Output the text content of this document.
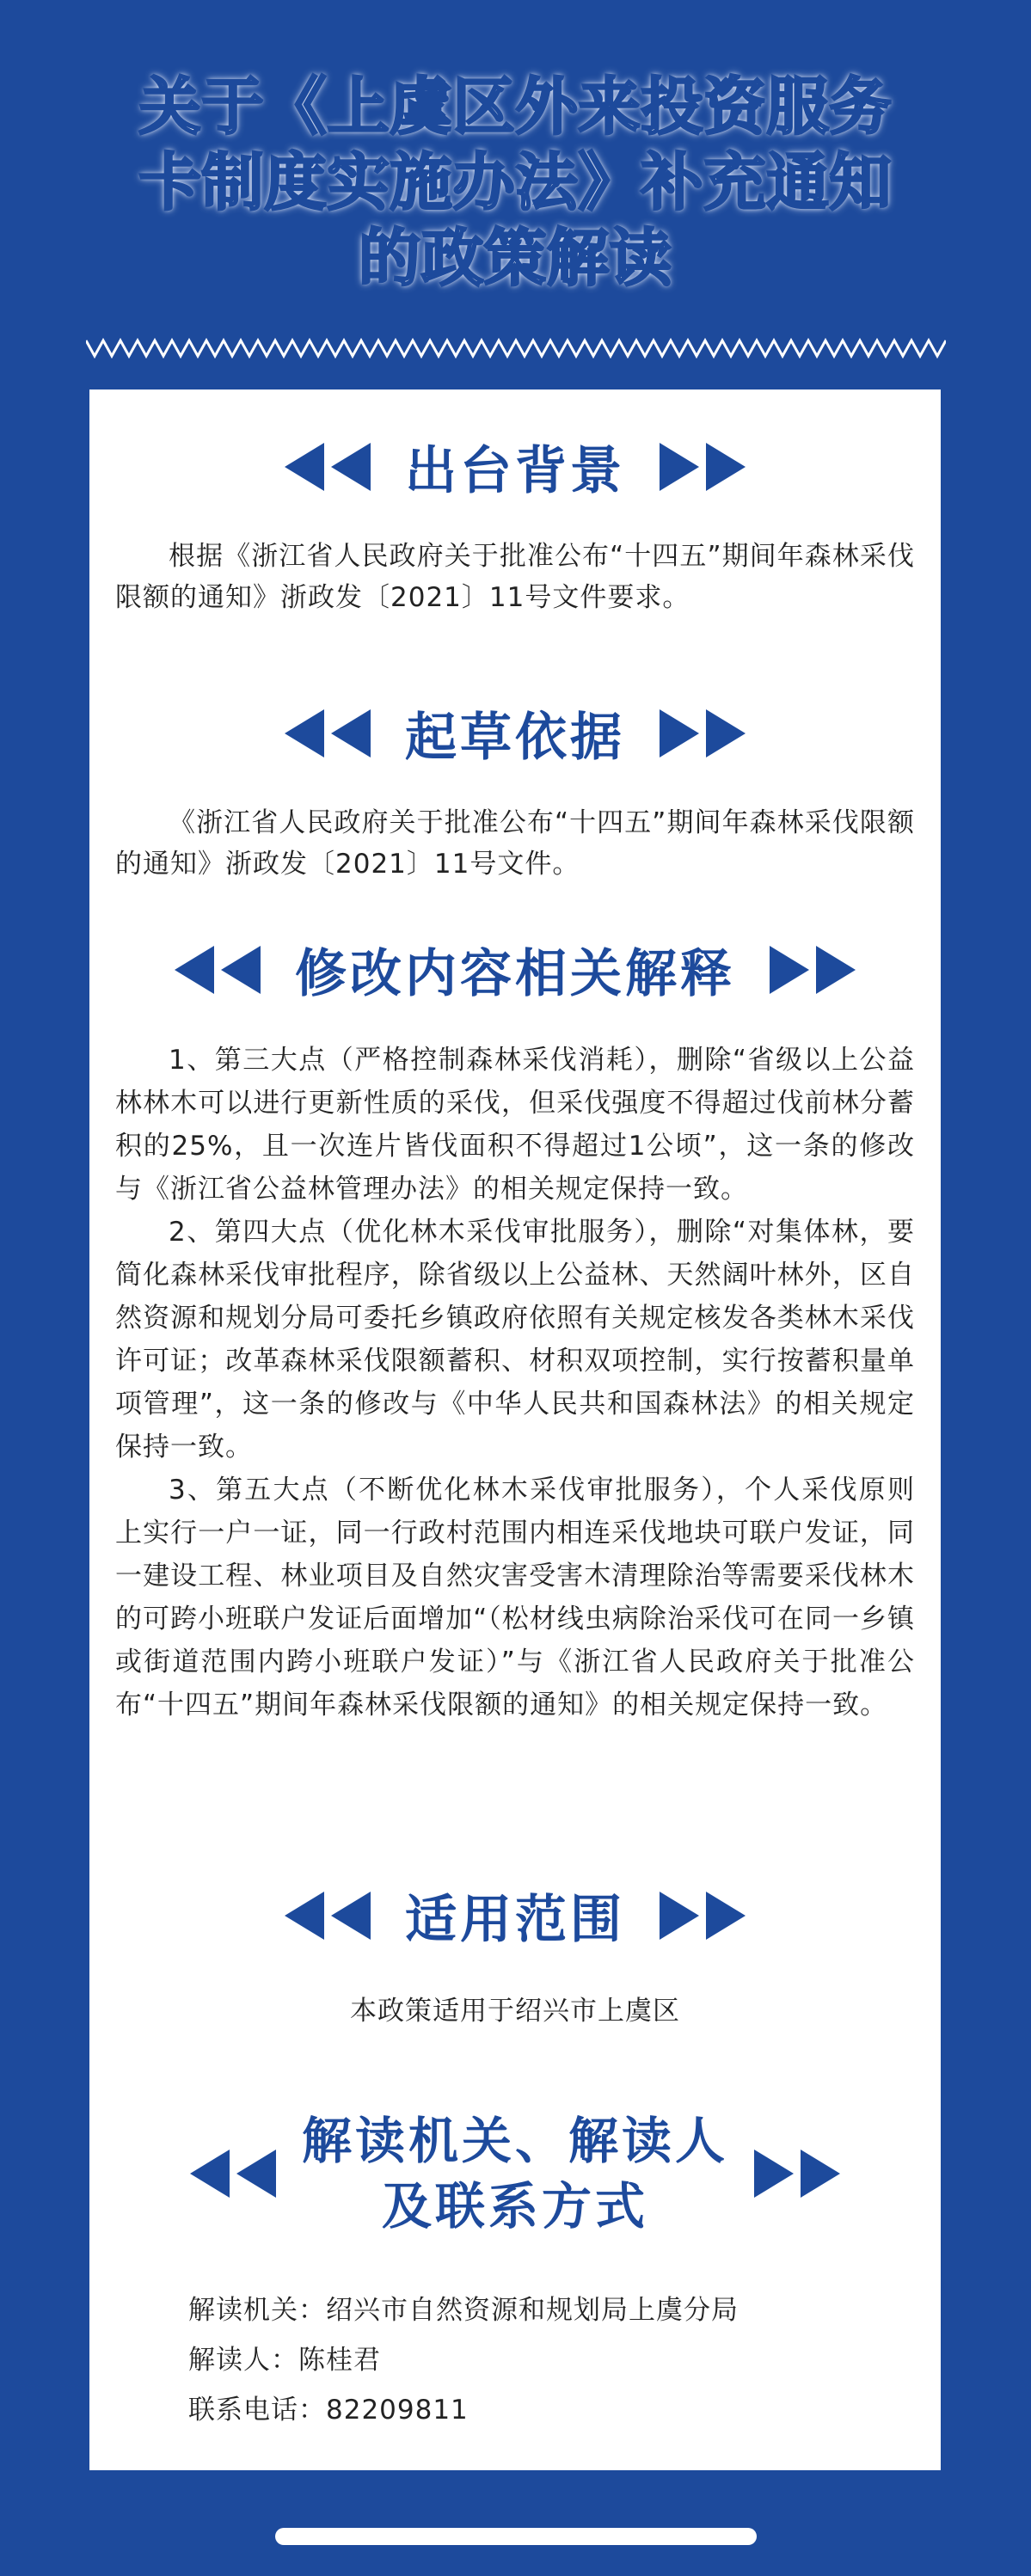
关于《上虞区外来投资服务
卡制度实施办法》补充通知
的政策解读
出台背景

根据《浙江省人民政府关于批准公布“十四五”期间年森林采伐限额的通知》浙政发〔2021〕11号文件要求。

起草依据

《浙江省人民政府关于批准公布“十四五”期间年森林采伐限额的通知》浙政发〔2021〕11号文件。

修改内容相关解释

1、第三大点（严格控制森林采伐消耗），删除“省级以上公益林林木可以进行更新性质的采伐，但采伐强度不得超过伐前林分蓄积的25%，且一次连片皆伐面积不得超过1公顷”，这一条的修改与《浙江省公益林管理办法》的相关规定保持一致。

2、第四大点（优化林木采伐审批服务），删除“对集体林，要简化森林采伐审批程序，除省级以上公益林、天然阔叶林外，区自然资源和规划分局可委托乡镇政府依照有关规定核发各类林木采伐许可证；改革森林采伐限额蓄积、材积双项控制，实行按蓄积量单项管理”，这一条的修改与《中华人民共和国森林法》的相关规定保持一致。

3、第五大点（不断优化林木采伐审批服务），个人采伐原则上实行一户一证，同一行政村范围内相连采伐地块可联户发证，同一建设工程、林业项目及自然灾害受害木清理除治等需要采伐林木的可跨小班联户发证后面增加“（松材线虫病除治采伐可在同一乡镇或街道范围内跨小班联户发证）”与《浙江省人民政府关于批准公布“十四五”期间年森林采伐限额的通知》的相关规定保持一致。

适用范围
本政策适用于绍兴市上虞区
解读机关、解读人
及联系方式
解读机关：绍兴市自然资源和规划局上虞分局
解读人：陈桂君
联系电话：82209811
